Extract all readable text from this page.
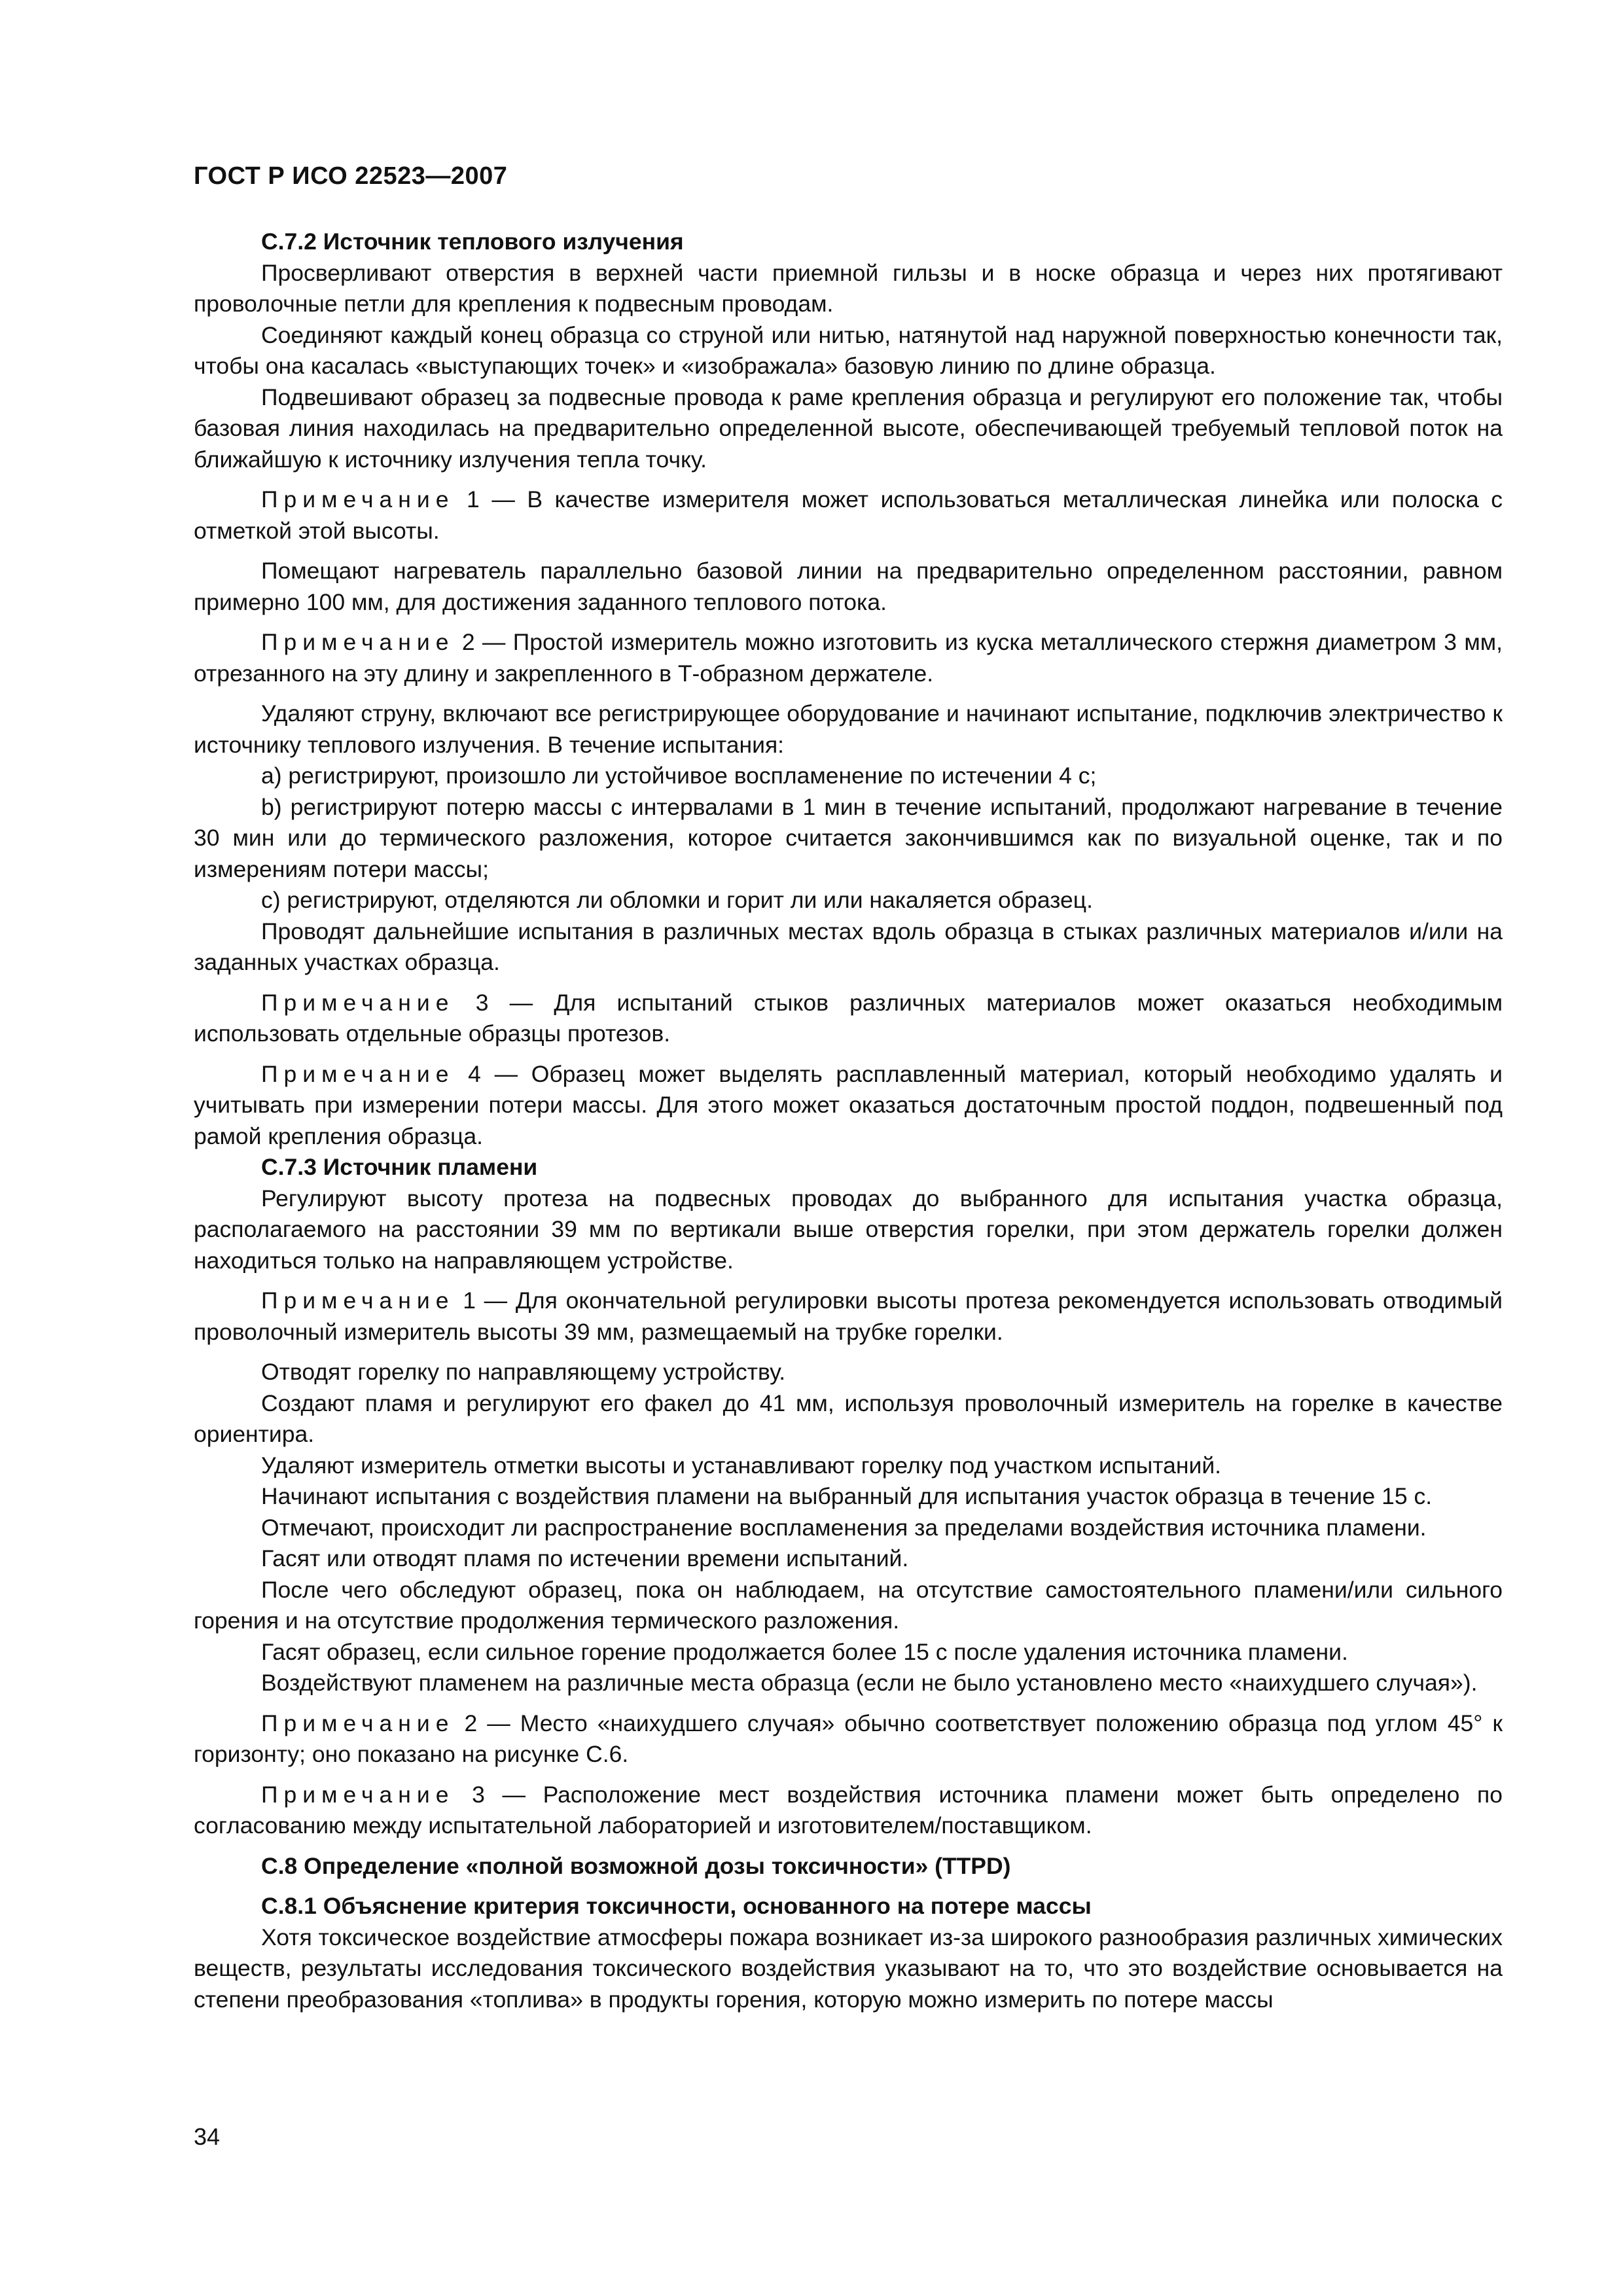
ГОСТ Р ИСО 22523—2007

С.7.2 Источник теплового излучения

Просверливают отверстия в верхней части приемной гильзы и в носке образца и через них протягивают проволочные петли для крепления к подвесным проводам.

Соединяют каждый конец образца со струной или нитью, натянутой над наружной поверхностью конечности так, чтобы она касалась «выступающих точек» и «изображала» базовую линию по длине образца.

Подвешивают образец за подвесные провода к раме крепления образца и регулируют его положение так, чтобы базовая линия находилась на предварительно определенной высоте, обеспечивающей требуемый тепловой поток на ближайшую к источнику излучения тепла точку.

Примечание 1 — В качестве измерителя может использоваться металлическая линейка или полоска с отметкой этой высоты.

Помещают нагреватель параллельно базовой линии на предварительно определенном расстоянии, равном примерно 100 мм, для достижения заданного теплового потока.

Примечание 2 — Простой измеритель можно изготовить из куска металлического стержня диаметром 3 мм, отрезанного на эту длину и закрепленного в Т-образном держателе.

Удаляют струну, включают все регистрирующее оборудование и начинают испытание, подключив электричество к источнику теплового излучения. В течение испытания:

а) регистрируют, произошло ли устойчивое воспламенение по истечении 4 с;

b) регистрируют потерю массы с интервалами в 1 мин в течение испытаний, продолжают нагревание в течение 30 мин или до термического разложения, которое считается закончившимся как по визуальной оценке, так и по измерениям потери массы;

с) регистрируют, отделяются ли обломки и горит ли или накаляется образец.

Проводят дальнейшие испытания в различных местах вдоль образца в стыках различных материалов и/или на заданных участках образца.

Примечание 3 — Для испытаний стыков различных материалов может оказаться необходимым использовать отдельные образцы протезов.

Примечание 4 — Образец может выделять расплавленный материал, который необходимо удалять и учитывать при измерении потери массы. Для этого может оказаться достаточным простой поддон, подвешенный под рамой крепления образца.

С.7.3 Источник пламени

Регулируют высоту протеза на подвесных проводах до выбранного для испытания участка образца, располагаемого на расстоянии 39 мм по вертикали выше отверстия горелки, при этом держатель горелки должен находиться только на направляющем устройстве.

Примечание 1 — Для окончательной регулировки высоты протеза рекомендуется использовать отводимый проволочный измеритель высоты 39 мм, размещаемый на трубке горелки.

Отводят горелку по направляющему устройству.

Создают пламя и регулируют его факел до 41 мм, используя проволочный измеритель на горелке в качестве ориентира.

Удаляют измеритель отметки высоты и устанавливают горелку под участком испытаний.

Начинают испытания с воздействия пламени на выбранный для испытания участок образца в течение 15 с.

Отмечают, происходит ли распространение воспламенения за пределами воздействия источника пламени.

Гасят или отводят пламя по истечении времени испытаний.

После чего обследуют образец, пока он наблюдаем, на отсутствие самостоятельного пламени/или сильного горения и на отсутствие продолжения термического разложения.

Гасят образец, если сильное горение продолжается более 15 с после удаления источника пламени.

Воздействуют пламенем на различные места образца (если не было установлено место «наихудшего случая»).

Примечание 2 — Место «наихудшего случая» обычно соответствует положению образца под углом 45° к горизонту; оно показано на рисунке С.6.

Примечание 3 — Расположение мест воздействия источника пламени может быть определено по согласованию между испытательной лабораторией и изготовителем/поставщиком.

С.8 Определение «полной возможной дозы токсичности» (TTPD)

С.8.1 Объяснение критерия токсичности, основанного на потере массы

Хотя токсическое воздействие атмосферы пожара возникает из-за широкого разнообразия различных химических веществ, результаты исследования токсического воздействия указывают на то, что это воздействие основывается на степени преобразования «топлива» в продукты горения, которую можно измерить по потере массы

34
